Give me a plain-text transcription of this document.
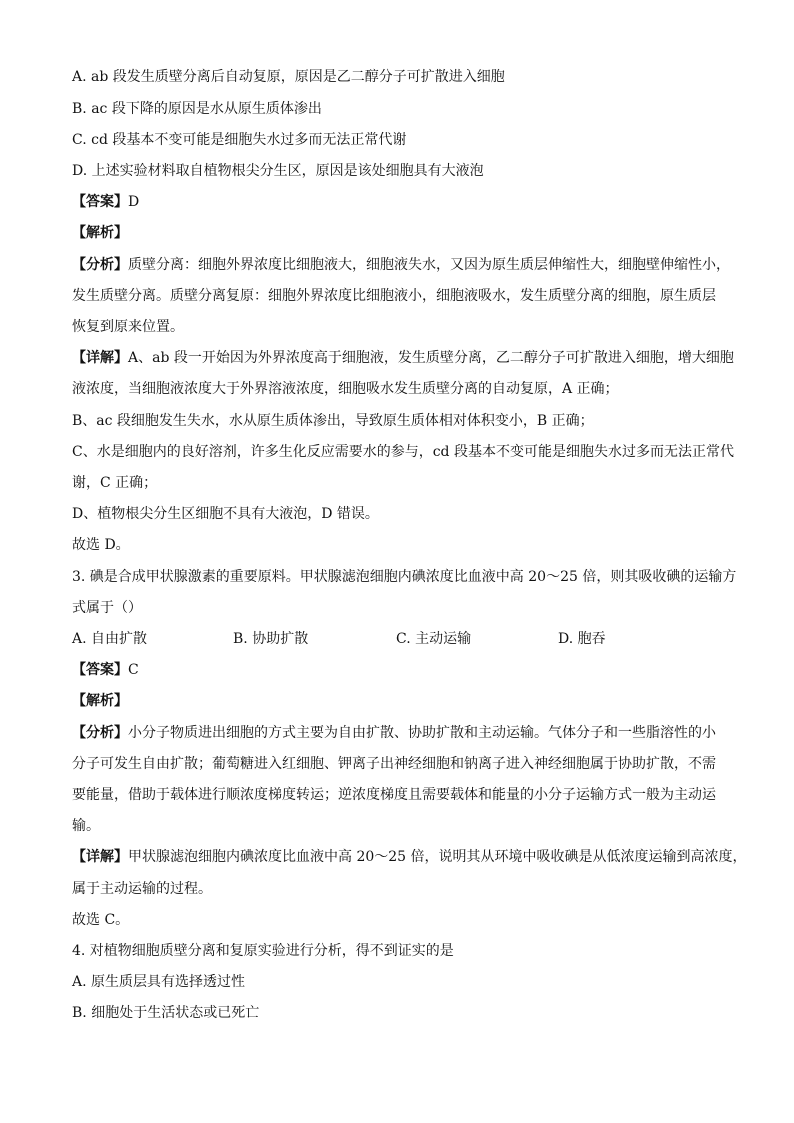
A. ab 段发生质壁分离后自动复原，原因是乙二醇分子可扩散进入细胞
B. ac 段下降的原因是水从原生质体渗出
C. cd 段基本不变可能是细胞失水过多而无法正常代谢
D. 上述实验材料取自植物根尖分生区，原因是该处细胞具有大液泡
【答案】D
【解析】
【分析】质壁分离：细胞外界浓度比细胞液大，细胞液失水，又因为原生质层伸缩性大，细胞壁伸缩性小，
发生质壁分离。质壁分离复原：细胞外界浓度比细胞液小，细胞液吸水，发生质壁分离的细胞，原生质层
恢复到原来位置。
【详解】A、ab 段一开始因为外界浓度高于细胞液，发生质壁分离，乙二醇分子可扩散进入细胞，增大细胞
液浓度，当细胞液浓度大于外界溶液浓度，细胞吸水发生质壁分离的自动复原，A 正确；
B、ac 段细胞发生失水，水从原生质体渗出，导致原生质体相对体积变小，B 正确；
C、水是细胞内的良好溶剂，许多生化反应需要水的参与，cd 段基本不变可能是细胞失水过多而无法正常代
谢，C 正确；
D、植物根尖分生区细胞不具有大液泡，D 错误。
故选 D。
3. 碘是合成甲状腺激素的重要原料。甲状腺滤泡细胞内碘浓度比血液中高 20～25 倍，则其吸收碘的运输方
式属于（）
A. 自由扩散	B. 协助扩散	C. 主动运输	D. 胞吞
【答案】C
【解析】
【分析】小分子物质进出细胞的方式主要为自由扩散、协助扩散和主动运输。气体分子和一些脂溶性的小
分子可发生自由扩散；葡萄糖进入红细胞、钾离子出神经细胞和钠离子进入神经细胞属于协助扩散，不需
要能量，借助于载体进行顺浓度梯度转运；逆浓度梯度且需要载体和能量的小分子运输方式一般为主动运
输。
【详解】甲状腺滤泡细胞内碘浓度比血液中高 20～25 倍，说明其从环境中吸收碘是从低浓度运输到高浓度，
属于主动运输的过程。
故选 C。
4. 对植物细胞质壁分离和复原实验进行分析，得不到证实的是
A. 原生质层具有选择透过性
B. 细胞处于生活状态或已死亡
